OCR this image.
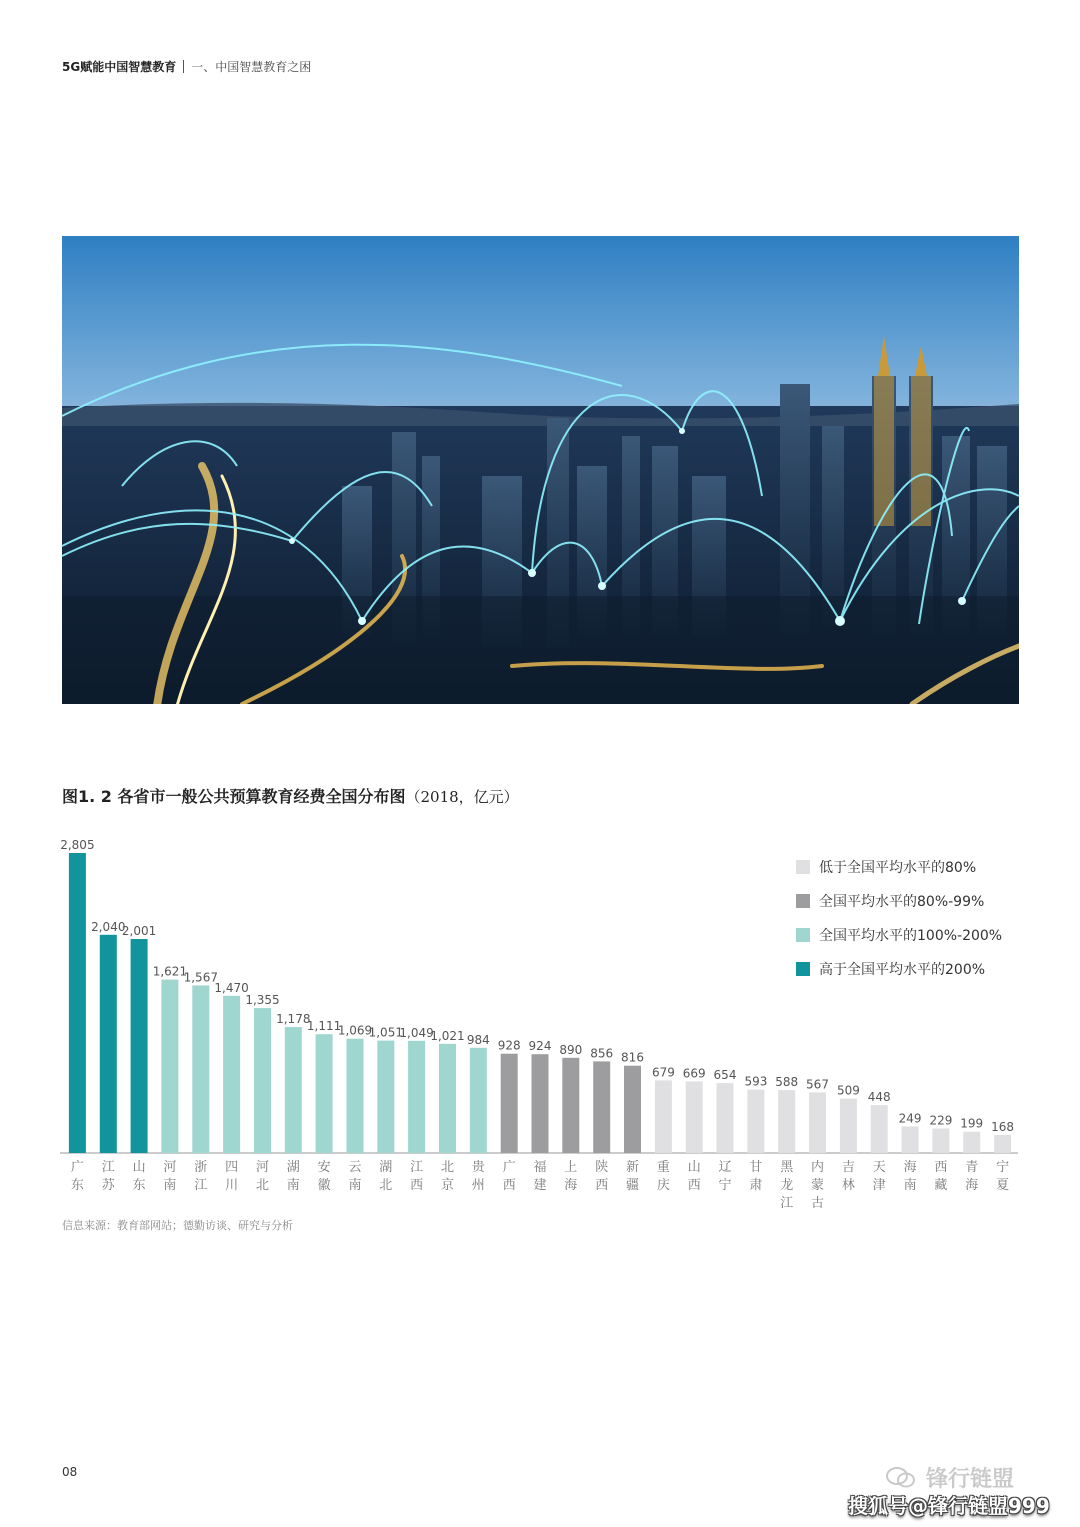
5G赋能中国智慧教育 一、中国智慧教育之困
图1. 2 各省市一般公共预算教育经费全国分布图（2018，亿元）
2,805
广东
2,040
江苏
2,001
山东
1,621
河南
1,567
浙江
1,470
四川
1,355
河北
1,178
湖南
1,111
安徽
1,069
云南
1,051
湖北
1,049
江西
1,021
北京
984
贵州
928
广西
924
福建
890
上海
856
陕西
816
新疆
679
重庆
669
山西
654
辽宁
593
甘肃
588
黑龙江
567
内蒙古
509
吉林
448
天津
249
海南
229
西藏
199
青海
168
宁夏
低于全国平均水平的80%
全国平均水平的80%-99%
全国平均水平的100%-200%
高于全国平均水平的200%
信息来源：教育部网站；德勤访谈、研究与分析
08	锋行链盟
搜狐号@锋行链盟999
